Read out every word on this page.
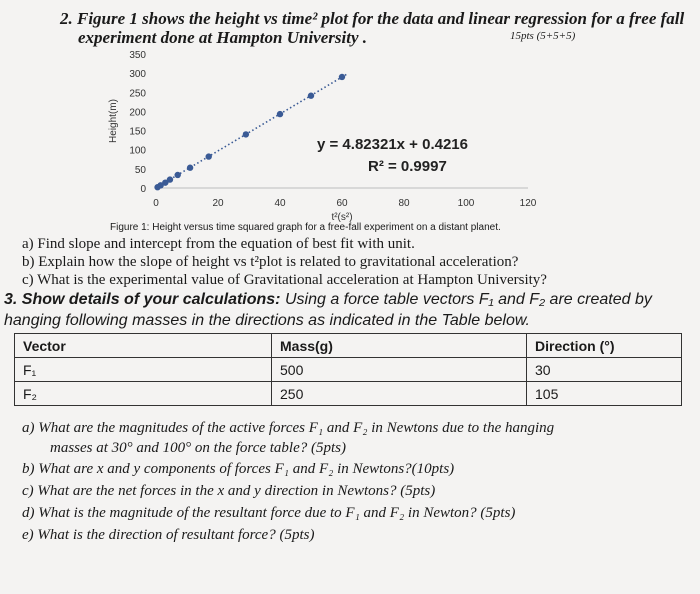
2. Figure 1 shows the height vs time² plot for the data and linear regression for a free fall
experiment done at Hampton University .	15pts (5+5+5)
0
50
100
150
200
250
300
350
0	20	40	60	80	100	120
Height(m)
t²(s²)
y = 4.82321x + 0.4216
R² = 0.9997
Figure 1: Height versus time squared graph for a free-fall experiment on a distant planet.
a) Find slope and intercept from the equation of best fit with unit.
b) Explain how the slope of height vs t²plot is related to gravitational acceleration?
c) What is the experimental value of Gravitational acceleration at Hampton University?
3. Show details of your calculations: Using a force table vectors F₁ and F₂ are created by
hanging following masses in the directions as indicated in the Table below.
Vector	Mass(g)	Direction (°)
F₁	500	30
F₂	250	105
a) What are the magnitudes of the active forces F₁ and F₂ in Newtons due to the hanging
masses at 30° and 100° on the force table? (5pts)
b) What are x and y components of forces F₁ and F₂ in Newtons?(10pts)
c) What are the net forces in the x and y direction in Newtons? (5pts)
d) What is the magnitude of the resultant force due to F₁ and F₂ in Newton? (5pts)
e) What is the direction of resultant force? (5pts)
